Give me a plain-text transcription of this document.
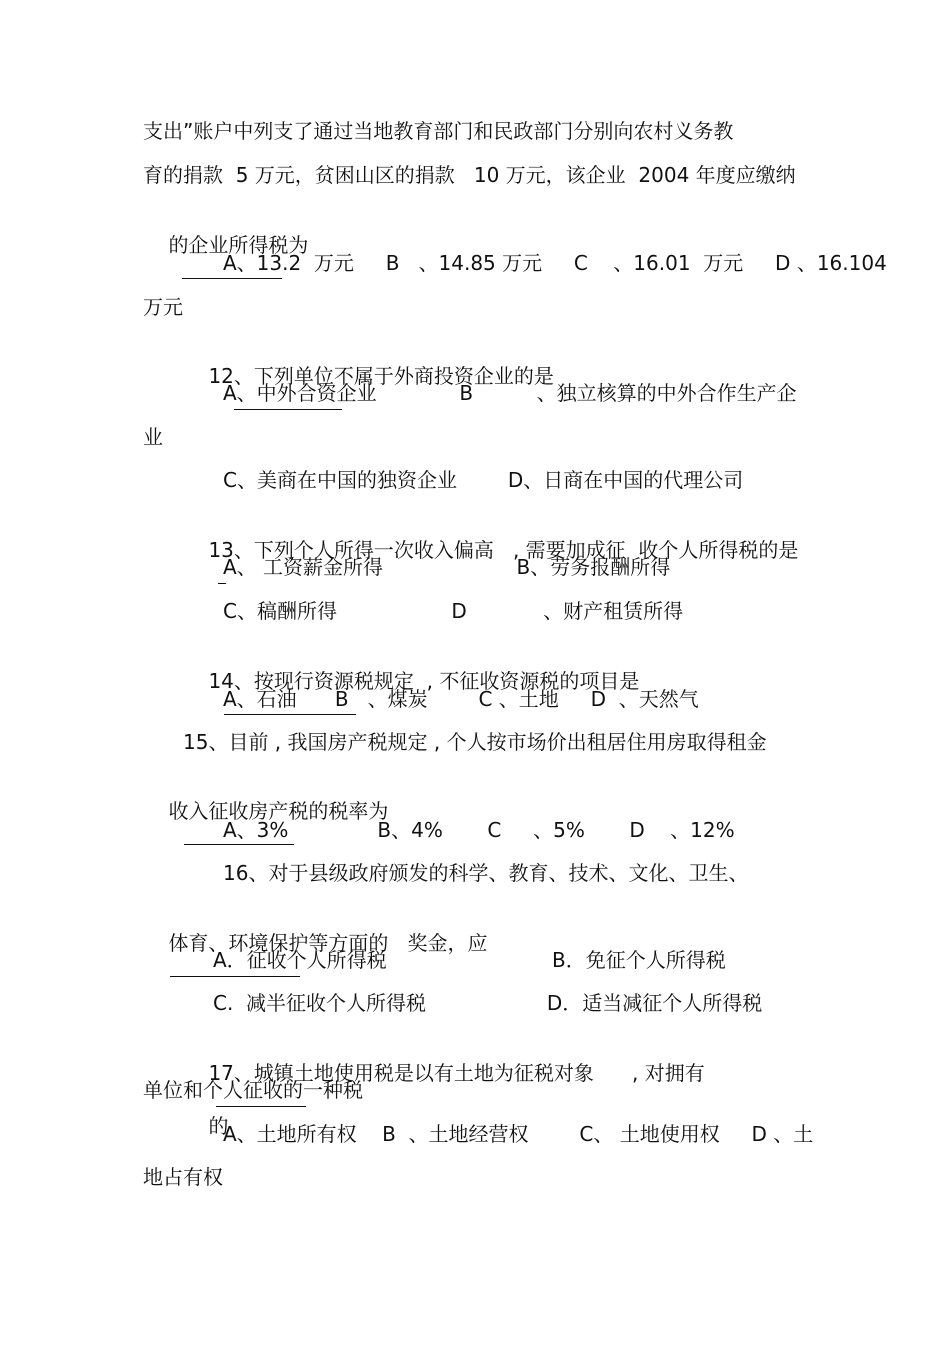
支出”账户中列支了通过当地教育部门和民政部门分别向农村义务教
育的捐款  5 万元，贫困山区的捐款   10 万元，该企业  2004 年度应缴纳

的企业所得税为

A、13.2  万元     B   、14.85 万元     C    、16.01  万元     D 、16.104
万元

12、下列单位不属于外商投资企业的是

A、中外合资企业             B          、独立核算的中外合作生产企
业
C、美商在中国的独资企业        D、日商在中国的代理公司

13、下列个人所得一次收入偏高   , 需要加成征  收个人所得税的是

A、 工资薪金所得                     B、劳务报酬所得
C、稿酬所得                  D            、财产租赁所得

14、按现行资源税规定  , 不征收资源税的项目是

A、石油      B   、煤炭        C 、土地     D  、天然气
15、目前 , 我国房产税规定 , 个人按市场价出租居住用房取得租金

收入征收房产税的税率为

A、3%              B、4%       C     、5%       D    、12%
16、对于县级政府颁发的科学、教育、技术、文化、卫生、

体育、环境保护等方面的   奖金，应

A．征收个人所得税                          B．免征个人所得税
C.  减半征收个人所得税                   D．适当减征个人所得税

17、城镇土地使用税是以有土地为征税对象      , 对拥有

的

单位和个人征收的一种税
A、土地所有权    B  、土地经营权        C、 土地使用权     D 、土
地占有权
